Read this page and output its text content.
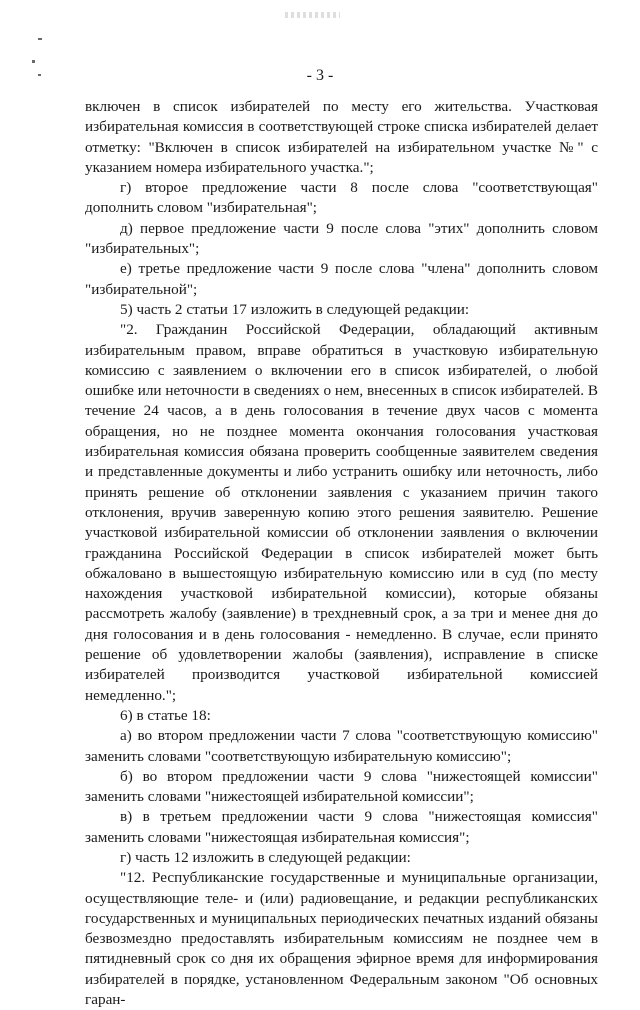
- 3 -

включен в список избирателей по месту его жительства. Участковая избирательная комиссия в соответствующей строке списка избирателей делает отметку: "Включен в список избирателей на избирательном участке №" с указанием номера избирательного участка.";

г) второе предложение части 8 после слова "соответствующая" дополнить словом "избирательная";

д) первое предложение части 9 после слова "этих" дополнить словом "избирательных";

е) третье предложение части 9 после слова "члена" дополнить словом "избирательной";

5) часть 2 статьи 17 изложить в следующей редакции:

"2. Гражданин Российской Федерации, обладающий активным избирательным правом, вправе обратиться в участковую избирательную комиссию с заявлением о включении его в список избирателей, о любой ошибке или неточности в сведениях о нем, внесенных в список избирателей. В течение 24 часов, а в день голосования в течение двух часов с момента обращения, но не позднее момента окончания голосования участковая избирательная комиссия обязана проверить сообщенные заявителем сведения и представленные документы и либо устранить ошибку или неточность, либо принять решение об отклонении заявления с указанием причин такого отклонения, вручив заверенную копию этого решения заявителю. Решение участковой избирательной комиссии об отклонении заявления о включении гражданина Российской Федерации в список избирателей может быть обжаловано в вышестоящую избирательную комиссию или в суд (по месту нахождения участковой избирательной комиссии), которые обязаны рассмотреть жалобу (заявление) в трехдневный срок, а за три и менее дня до дня голосования и в день голосования - немедленно. В случае, если принято решение об удовлетворении жалобы (заявления), исправление в списке избирателей производится участковой избирательной комиссией немедленно.";

6) в статье 18:

а) во втором предложении части 7 слова "соответствующую комиссию" заменить словами "соответствующую избирательную комиссию";

б) во втором предложении части 9 слова "нижестоящей комиссии" заменить словами "нижестоящей избирательной комиссии";

в) в третьем предложении части 9 слова "нижестоящая комиссия" заменить словами "нижестоящая избирательная комиссия";

г) часть 12 изложить в следующей редакции:

"12. Республиканские государственные и муниципальные организации, осуществляющие теле- и (или) радиовещание, и редакции республиканских государственных и муниципальных периодических печатных изданий обязаны безвозмездно предоставлять избирательным комиссиям не позднее чем в пятидневный срок со дня их обращения эфирное время для информирования избирателей в порядке, установленном Федеральным законом "Об основных гаран-
